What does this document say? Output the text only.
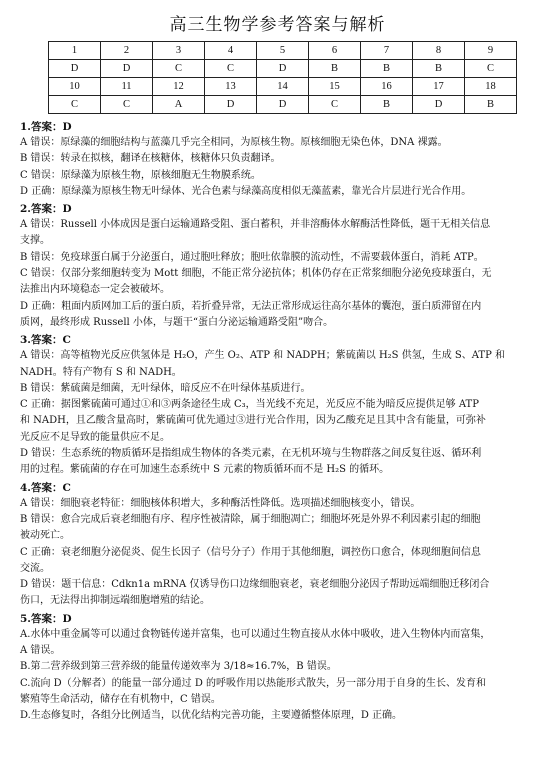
高三生物学参考答案与解析
1	2	3	4	5	6	7	8	9
D	D	C	C	D	B	B	B	C
10	11	12	13	14	15	16	17	18
C	C	A	D	D	C	B	D	B
1.答案：D

A 错误：原绿藻的细胞结构与蓝藻几乎完全相同，为原核生物。原核细胞无染色体，DNA 裸露。

B 错误：转录在拟核，翻译在核糖体，核糖体只负责翻译。

C 错误：原绿藻为原核生物，原核细胞无生物膜系统。

D 正确：原绿藻为原核生物无叶绿体、光合色素与绿藻高度相似无藻蓝素，靠光合片层进行光合作用。

2.答案：D

A 错误：Russell 小体成因是蛋白运输通路受阻、蛋白蓄积，并非溶酶体水解酶活性降低，题干无相关信息

支撑。

B 错误：免疫球蛋白属于分泌蛋白，通过胞吐释放；胞吐依靠膜的流动性，不需要载体蛋白，消耗 ATP。

C 错误：仅部分浆细胞转变为 Mott 细胞，不能正常分泌抗体；机体仍存在正常浆细胞分泌免疫球蛋白，无

法推出内环境稳态一定会被破坏。

D 正确：粗面内质网加工后的蛋白质，若折叠异常，无法正常形成运往高尔基体的囊泡，蛋白质滞留在内

质网，最终形成 Russell 小体，与题干“蛋白分泌运输通路受阻”吻合。

3.答案：C

A 错误：高等植物光反应供氢体是 H₂O，产生 O₂、ATP 和 NADPH；紫硫菌以 H₂S 供氢，生成 S、ATP 和

NADH。特有产物有 S 和 NADH。

B 错误：紫硫菌是细菌，无叶绿体，暗反应不在叶绿体基质进行。

C 正确：据图紫硫菌可通过①和③两条途径生成 C₃，当光线不充足，光反应不能为暗反应提供足够 ATP

和 NADH，且乙酸含量高时，紫硫菌可优先通过③进行光合作用，因为乙酸充足且其中含有能量，可弥补

光反应不足导致的能量供应不足。

D 错误：生态系统的物质循环是指组成生物体的各类元素，在无机环境与生物群落之间反复往返、循环利

用的过程。紫硫菌的存在可加速生态系统中 S 元素的物质循环而不是 H₂S 的循环。

4.答案：C

A 错误：细胞衰老特征：细胞核体积增大，多种酶活性降低。选项描述细胞核变小，错误。

B 错误：愈合完成后衰老细胞有序、程序性被清除，属于细胞凋亡；细胞坏死是外界不利因素引起的细胞

被动死亡。

C 正确：衰老细胞分泌促炎、促生长因子（信号分子）作用于其他细胞，调控伤口愈合，体现细胞间信息

交流。

D 错误：题干信息：Cdkn1a mRNA 仅诱导伤口边缘细胞衰老，衰老细胞分泌因子帮助远端细胞迁移闭合

伤口，无法得出抑制远端细胞增殖的结论。

5.答案：D

A.水体中重金属等可以通过食物链传递并富集，也可以通过生物直接从水体中吸收，进入生物体内而富集，

A 错误。

B.第二营养级到第三营养级的能量传递效率为 3/18≈16.7%，B 错误。

C.流向 D（分解者）的能量一部分通过 D 的呼吸作用以热能形式散失，另一部分用于自身的生长、发育和

繁殖等生命活动，储存在有机物中，C 错误。

D.生态修复时，各组分比例适当，以优化结构完善功能，主要遵循整体原理，D 正确。
